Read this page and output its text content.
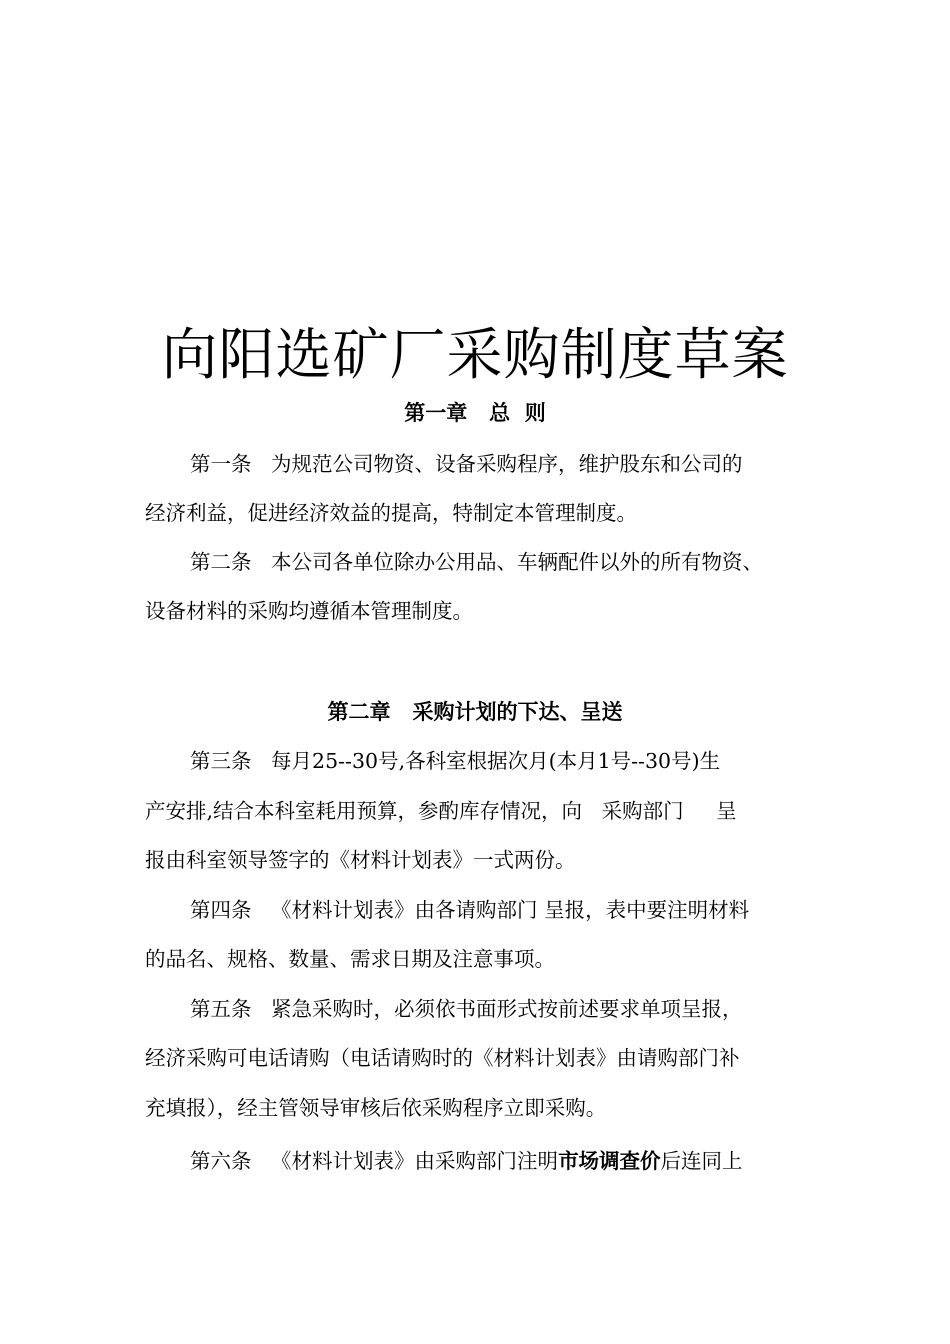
向阳选矿厂采购制度草案
第一章   总  则

第一条   为规范公司物资、设备采购程序，维护股东和公司的

经济利益，促进经济效益的提高，特制定本管理制度。

第二条   本公司各单位除办公用品、车辆配件以外的所有物资、

设备材料的采购均遵循本管理制度。

第二章   采购计划的下达、呈送

第三条   每月25--30号,各科室根据次月(本月1号--30号)生

产安排,结合本科室耗用预算，参酌库存情况，向   采购部门     呈

报由科室领导签字的《材料计划表》一式两份。

第四条   《材料计划表》由各请购部门 呈报，表中要注明材料

的品名、规格、数量、需求日期及注意事项。

第五条   紧急采购时，必须依书面形式按前述要求单项呈报，

经济采购可电话请购（电话请购时的《材料计划表》由请购部门补

充填报），经主管领导审核后依采购程序立即采购。

第六条   《材料计划表》由采购部门注明市场调查价后连同上
